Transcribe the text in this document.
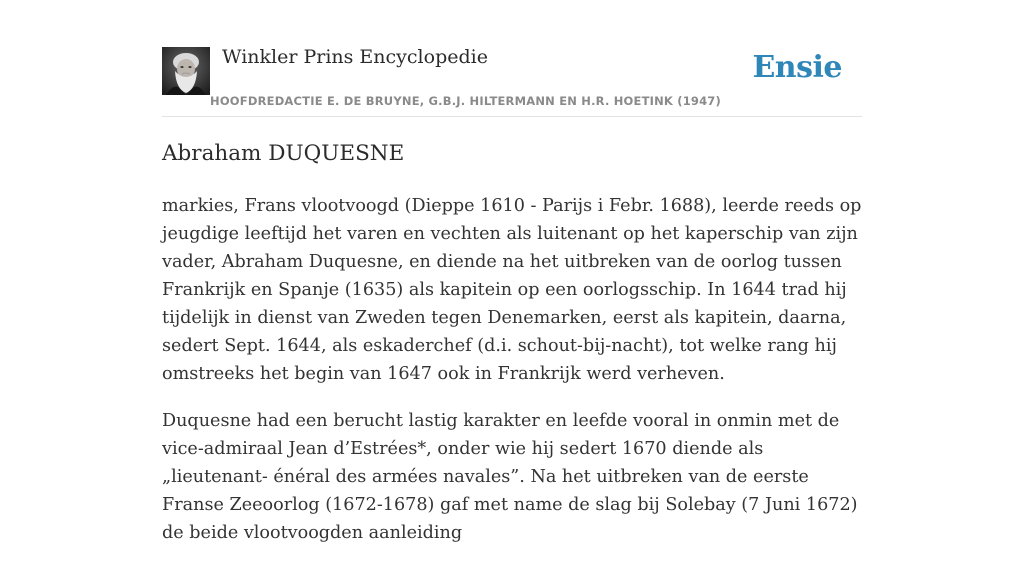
Winkler Prins Encyclopedie
HOOFDREDACTIE E. DE BRUYNE, G.B.J. HILTERMANN EN H.R. HOETINK (1947)
Ensie
Abraham DUQUESNE

markies, Frans vlootvoogd (Dieppe 1610 - Parijs i Febr. 1688), leerde reeds op jeugdige leeftijd het varen en vechten als luitenant op het kaperschip van zijn vader, Abraham Duquesne, en diende na het uitbreken van de oorlog tussen Frankrijk en Spanje (1635) als kapitein op een oorlogsschip. In 1644 trad hij tijdelijk in dienst van Zweden tegen Denemarken, eerst als kapitein, daarna, sedert Sept. 1644, als eskaderchef (d.i. schout-bij-nacht), tot welke rang hij omstreeks het begin van 1647 ook in Frankrijk werd verheven.

Duquesne had een berucht lastig karakter en leefde vooral in onmin met de vice-admiraal Jean d’Estrées*, onder wie hij sedert 1670 diende als „lieutenant- énéral des armées navales”. Na het uitbreken van de eerste Franse Zeeoorlog (1672-1678) gaf met name de slag bij Solebay (7 Juni 1672) de beide vlootvoogden aanleiding
